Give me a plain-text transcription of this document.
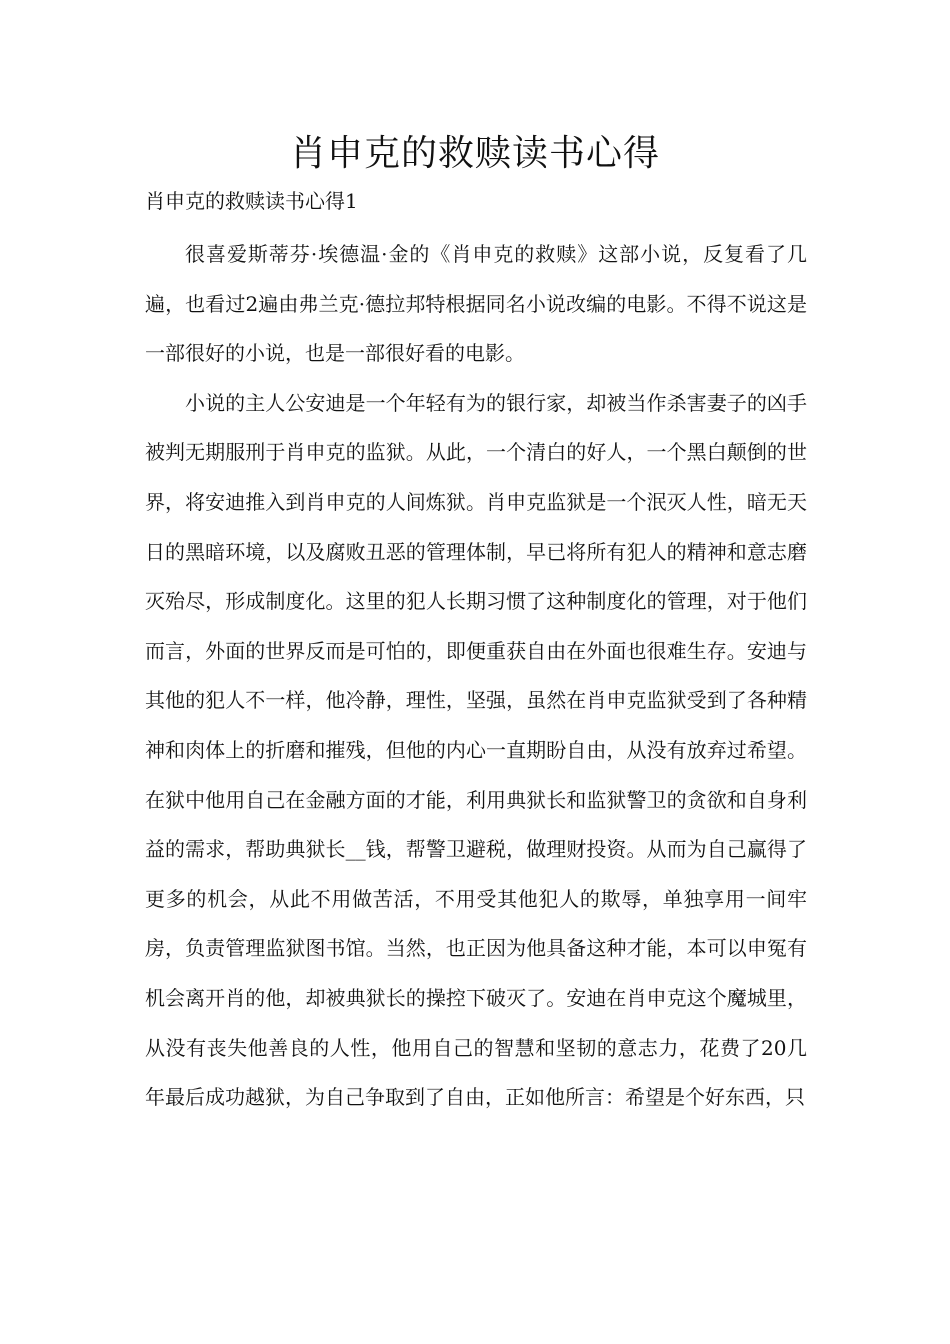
肖申克的救赎读书心得

肖申克的救赎读书心得1

很喜爱斯蒂芬·埃德温·金的《肖申克的救赎》这部小说，反复看了几遍，也看过2遍由弗兰克·德拉邦特根据同名小说改编的电影。不得不说这是一部很好的小说，也是一部很好看的电影。

小说的主人公安迪是一个年轻有为的银行家，却被当作杀害妻子的凶手被判无期服刑于肖申克的监狱。从此，一个清白的好人，一个黑白颠倒的世界，将安迪推入到肖申克的人间炼狱。肖申克监狱是一个泯灭人性，暗无天日的黑暗环境，以及腐败丑恶的管理体制，早已将所有犯人的精神和意志磨灭殆尽，形成制度化。这里的犯人长期习惯了这种制度化的管理，对于他们而言，外面的世界反而是可怕的，即便重获自由在外面也很难生存。安迪与其他的犯人不一样，他冷静，理性，坚强，虽然在肖申克监狱受到了各种精神和肉体上的折磨和摧残，但他的内心一直期盼自由，从没有放弃过希望。在狱中他用自己在金融方面的才能，利用典狱长和监狱警卫的贪欲和自身利益的需求，帮助典狱长__钱，帮警卫避税，做理财投资。从而为自己赢得了更多的机会，从此不用做苦活，不用受其他犯人的欺辱，单独享用一间牢房，负责管理监狱图书馆。当然，也正因为他具备这种才能，本可以申冤有机会离开肖的他，却被典狱长的操控下破灭了。安迪在肖申克这个魔城里，从没有丧失他善良的人性，他用自己的智慧和坚韧的意志力，花费了20几年最后成功越狱，为自己争取到了自由，正如他所言：希望是个好东西，只
